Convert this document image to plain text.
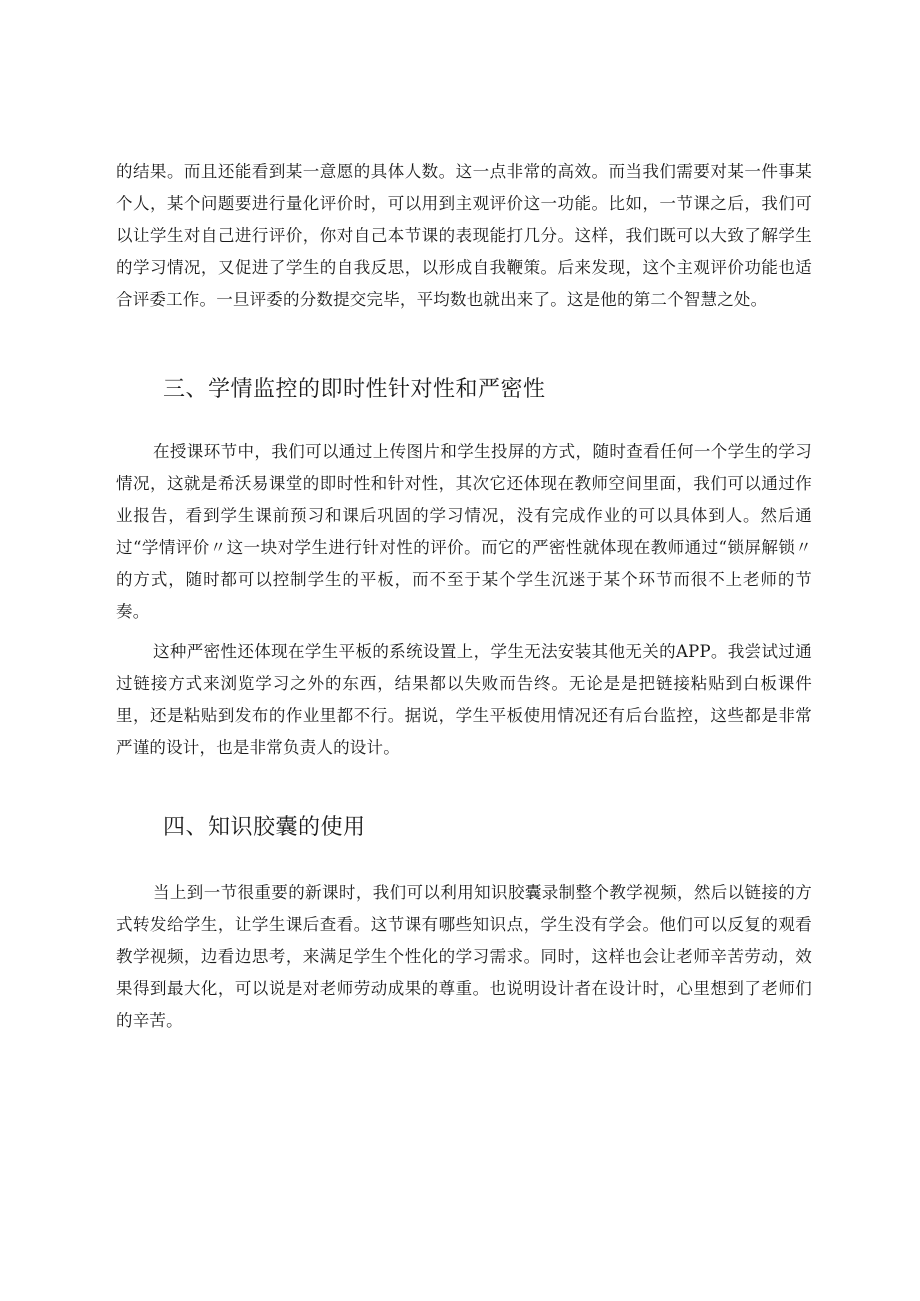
的结果。而且还能看到某一意愿的具体人数。这一点非常的高效。而当我们需要对某一件事某个人，某个问题要进行量化评价时，可以用到主观评价这一功能。比如，一节课之后，我们可以让学生对自己进行评价，你对自己本节课的表现能打几分。这样，我们既可以大致了解学生的学习情况，又促进了学生的自我反思，以形成自我鞭策。后来发现，这个主观评价功能也适合评委工作。一旦评委的分数提交完毕，平均数也就出来了。这是他的第二个智慧之处。

三、学情监控的即时性针对性和严密性

在授课环节中，我们可以通过上传图片和学生投屏的方式，随时查看任何一个学生的学习情况，这就是希沃易课堂的即时性和针对性，其次它还体现在教师空间里面，我们可以通过作业报告，看到学生课前预习和课后巩固的学习情况，没有完成作业的可以具体到人。然后通过“学情评价〃这一块对学生进行针对性的评价。而它的严密性就体现在教师通过“锁屏解锁〃的方式，随时都可以控制学生的平板，而不至于某个学生沉迷于某个环节而很不上老师的节奏。

这种严密性还体现在学生平板的系统设置上，学生无法安装其他无关的APP。我尝试过通过链接方式来浏览学习之外的东西，结果都以失败而告终。无论是是把链接粘贴到白板课件里，还是粘贴到发布的作业里都不行。据说，学生平板使用情况还有后台监控，这些都是非常严谨的设计，也是非常负责人的设计。

四、知识胶囊的使用

当上到一节很重要的新课时，我们可以利用知识胶囊录制整个教学视频，然后以链接的方式转发给学生，让学生课后查看。这节课有哪些知识点，学生没有学会。他们可以反复的观看教学视频，边看边思考，来满足学生个性化的学习需求。同时，这样也会让老师辛苦劳动，效果得到最大化，可以说是对老师劳动成果的尊重。也说明设计者在设计时，心里想到了老师们的辛苦。
